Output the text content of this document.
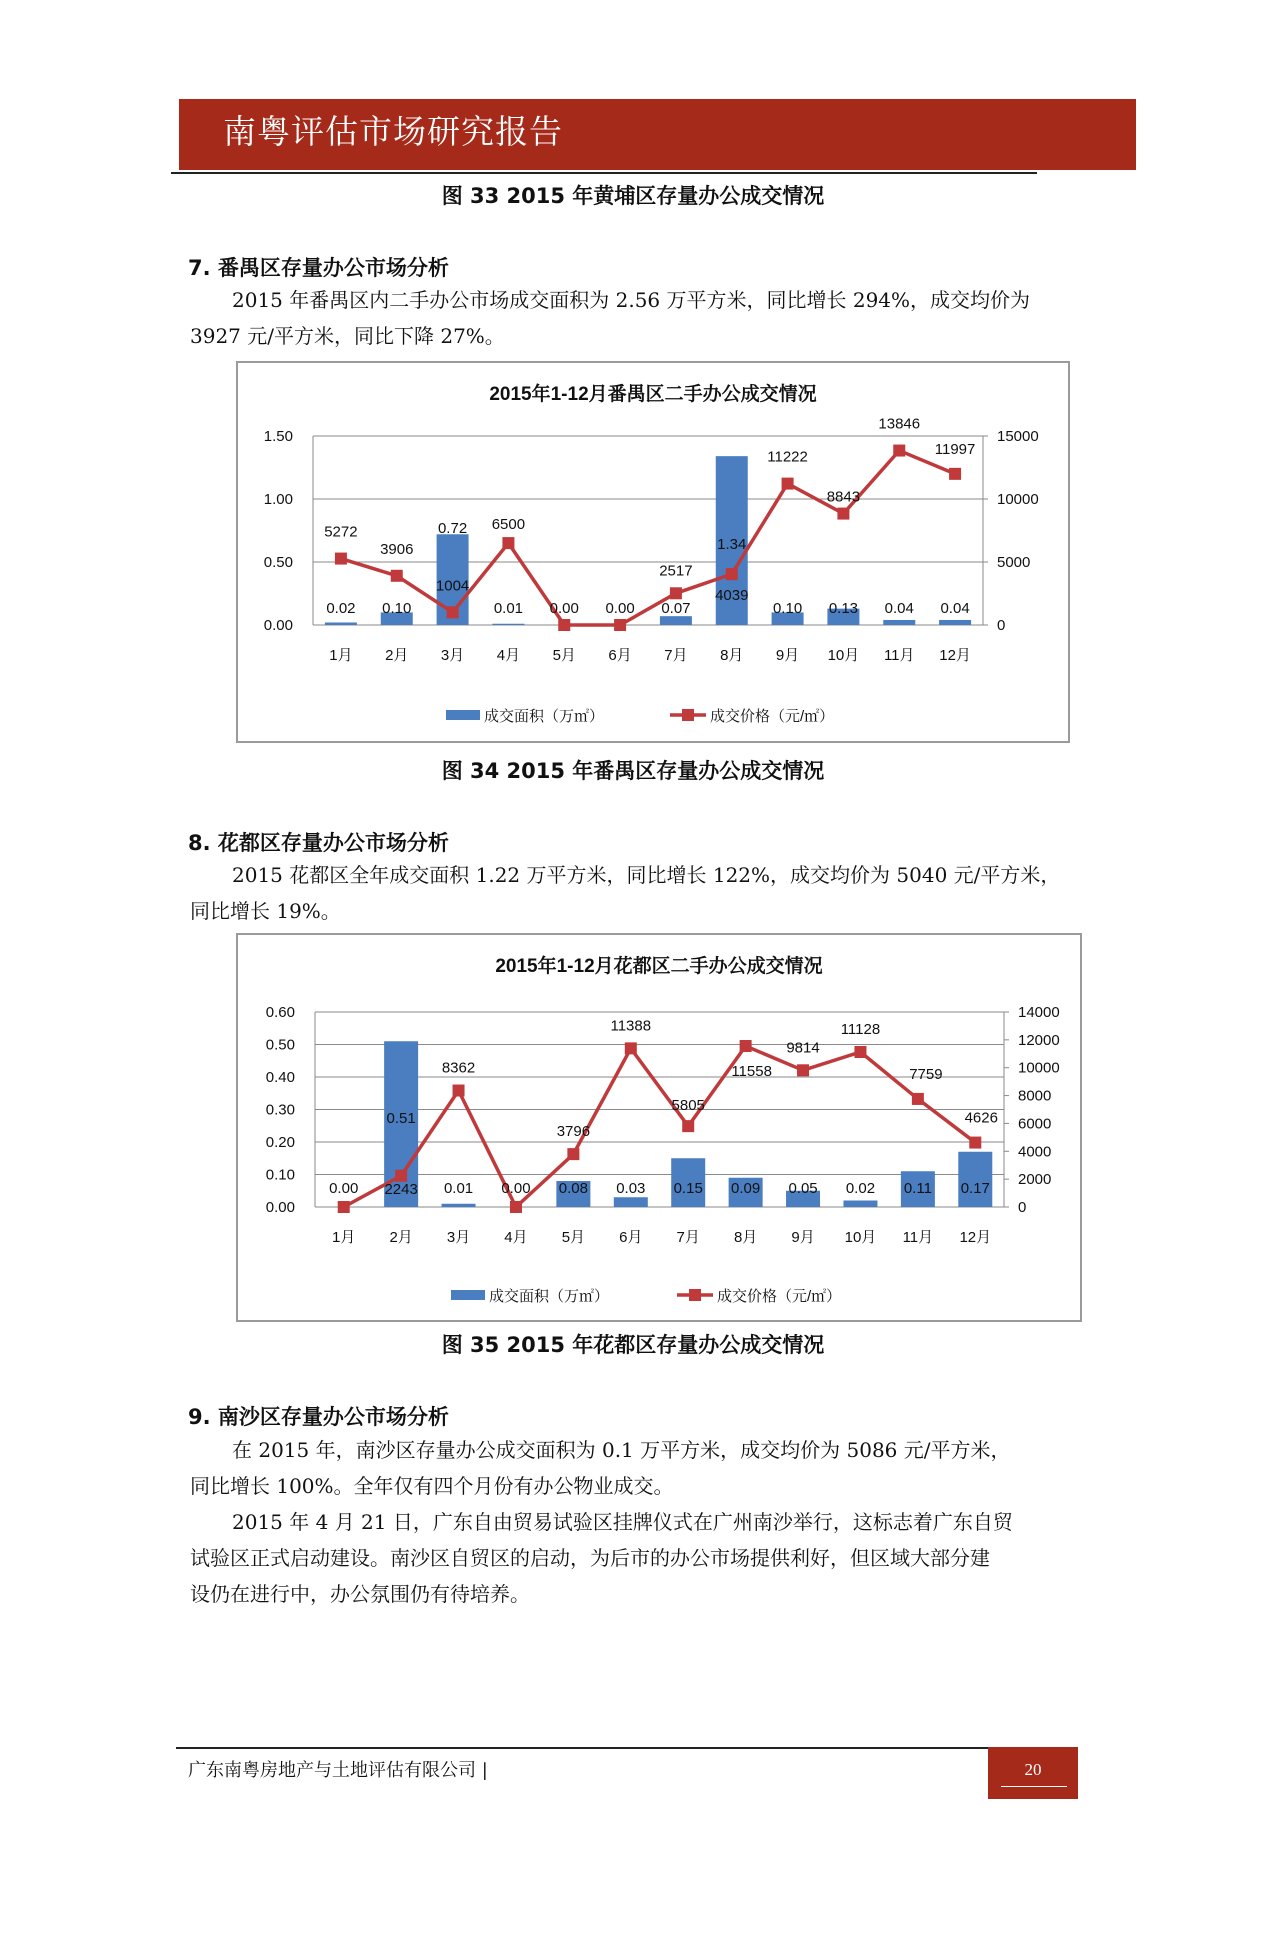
南粤评估市场研究报告
图 33 2015 年黄埔区存量办公成交情况
7. 番禺区存量办公市场分析
2015 年番禺区内二手办公市场成交面积为 2.56 万平方米，同比增长 294%，成交均价为
3927 元/平方米，同比下降 27%。
2015年1-12月番禺区二手办公成交情况
0.00
0.50
1.00
1.50
0
5000
10000
15000
1月 2月 3月 4月 5月 6月 7月 8月 9月 10月 11月 12月
0.02 0.10
0.72
0.01 0.00 0.00 0.07
1.34
0.10 0.13 0.04 0.04
5272
3906
1004
6500
2517
4039
11222
8843
13846
11997
成交面积（万㎡）	成交价格（元/㎡）
图 34 2015 年番禺区存量办公成交情况
8. 花都区存量办公市场分析
2015 花都区全年成交面积 1.22 万平方米，同比增长 122%，成交均价为 5040 元/平方米，
同比增长 19%。
2015年1-12月花都区二手办公成交情况
0.00
0.10
0.20
0.30
0.40
0.50
0.60
0
2000
4000
6000
8000
10000
12000
14000
1月 2月 3月 4月 5月 6月 7月 8月 9月 10月 11月 12月
0.00
0.51
0.01 0.00 0.08 0.03 0.15 0.09 0.05 0.02 0.11 0.17
2243
8362
3796
11388
5805
11558
9814
11128
7759
4626
成交面积（万㎡）	成交价格（元/㎡）
图 35 2015 年花都区存量办公成交情况
9. 南沙区存量办公市场分析
在 2015 年，南沙区存量办公成交面积为 0.1 万平方米，成交均价为 5086 元/平方米，
同比增长 100%。全年仅有四个月份有办公物业成交。
2015 年 4 月 21 日，广东自由贸易试验区挂牌仪式在广州南沙举行，这标志着广东自贸
试验区正式启动建设。南沙区自贸区的启动，为后市的办公市场提供利好，但区域大部分建
设仍在进行中，办公氛围仍有待培养。
广东南粤房地产与土地评估有限公司 |	20
